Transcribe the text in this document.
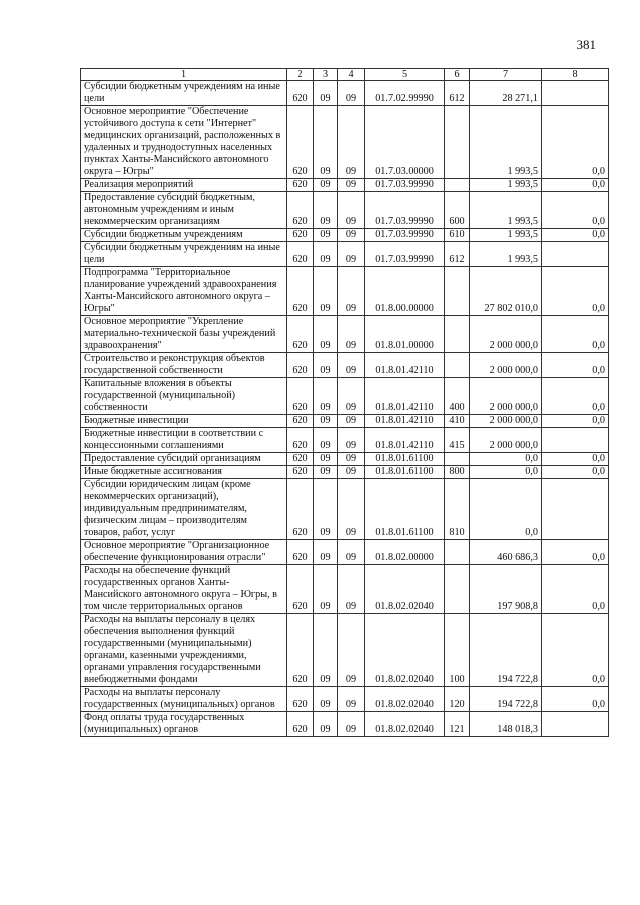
381
1	2	3	4	5	6	7	8
Субсидии бюджетным учреждениям на иные цели	620	09	09	01.7.02.99990	612	28 271,1	
Основное мероприятие "Обеспечение устойчивого доступа к сети "Интернет" медицинских организаций, расположенных в удаленных и труднодоступных населенных пунктах Ханты-Мансийского автономного округа – Югры"	620	09	09	01.7.03.00000		1 993,5	0,0
Реализация мероприятий	620	09	09	01.7.03.99990		1 993,5	0,0
Предоставление субсидий бюджетным, автономным учреждениям и иным некоммерческим организациям	620	09	09	01.7.03.99990	600	1 993,5	0,0
Субсидии бюджетным учреждениям	620	09	09	01.7.03.99990	610	1 993,5	0,0
Субсидии бюджетным учреждениям на иные цели	620	09	09	01.7.03.99990	612	1 993,5	
Подпрограмма "Территориальное планирование учреждений здравоохранения Ханты-Мансийского автономного округа – Югры"	620	09	09	01.8.00.00000		27 802 010,0	0,0
Основное мероприятие "Укрепление материально-технической базы учреждений здравоохранения"	620	09	09	01.8.01.00000		2 000 000,0	0,0
Строительство и реконструкция объектов государственной собственности	620	09	09	01.8.01.42110		2 000 000,0	0,0
Капитальные вложения в объекты государственной (муниципальной) собственности	620	09	09	01.8.01.42110	400	2 000 000,0	0,0
Бюджетные инвестиции	620	09	09	01.8.01.42110	410	2 000 000,0	0,0
Бюджетные инвестиции в соответствии с концессионными соглашениями	620	09	09	01.8.01.42110	415	2 000 000,0	
Предоставление субсидий организациям	620	09	09	01.8.01.61100		0,0	0,0
Иные бюджетные ассигнования	620	09	09	01.8.01.61100	800	0,0	0,0
Субсидии юридическим лицам (кроме некоммерческих организаций), индивидуальным предпринимателям, физическим лицам – производителям товаров, работ, услуг	620	09	09	01.8.01.61100	810	0,0	
Основное мероприятие "Организационное обеспечение функционирования отрасли"	620	09	09	01.8.02.00000		460 686,3	0,0
Расходы на обеспечение функций государственных органов Ханты-Мансийского автономного округа – Югры, в том числе территориальных органов	620	09	09	01.8.02.02040		197 908,8	0,0
Расходы на выплаты персоналу в целях обеспечения выполнения функций государственными (муниципальными) органами, казенными учреждениями, органами управления государственными внебюджетными фондами	620	09	09	01.8.02.02040	100	194 722,8	0,0
Расходы на выплаты персоналу государственных (муниципальных) органов	620	09	09	01.8.02.02040	120	194 722,8	0,0
Фонд оплаты труда государственных (муниципальных) органов	620	09	09	01.8.02.02040	121	148 018,3	
